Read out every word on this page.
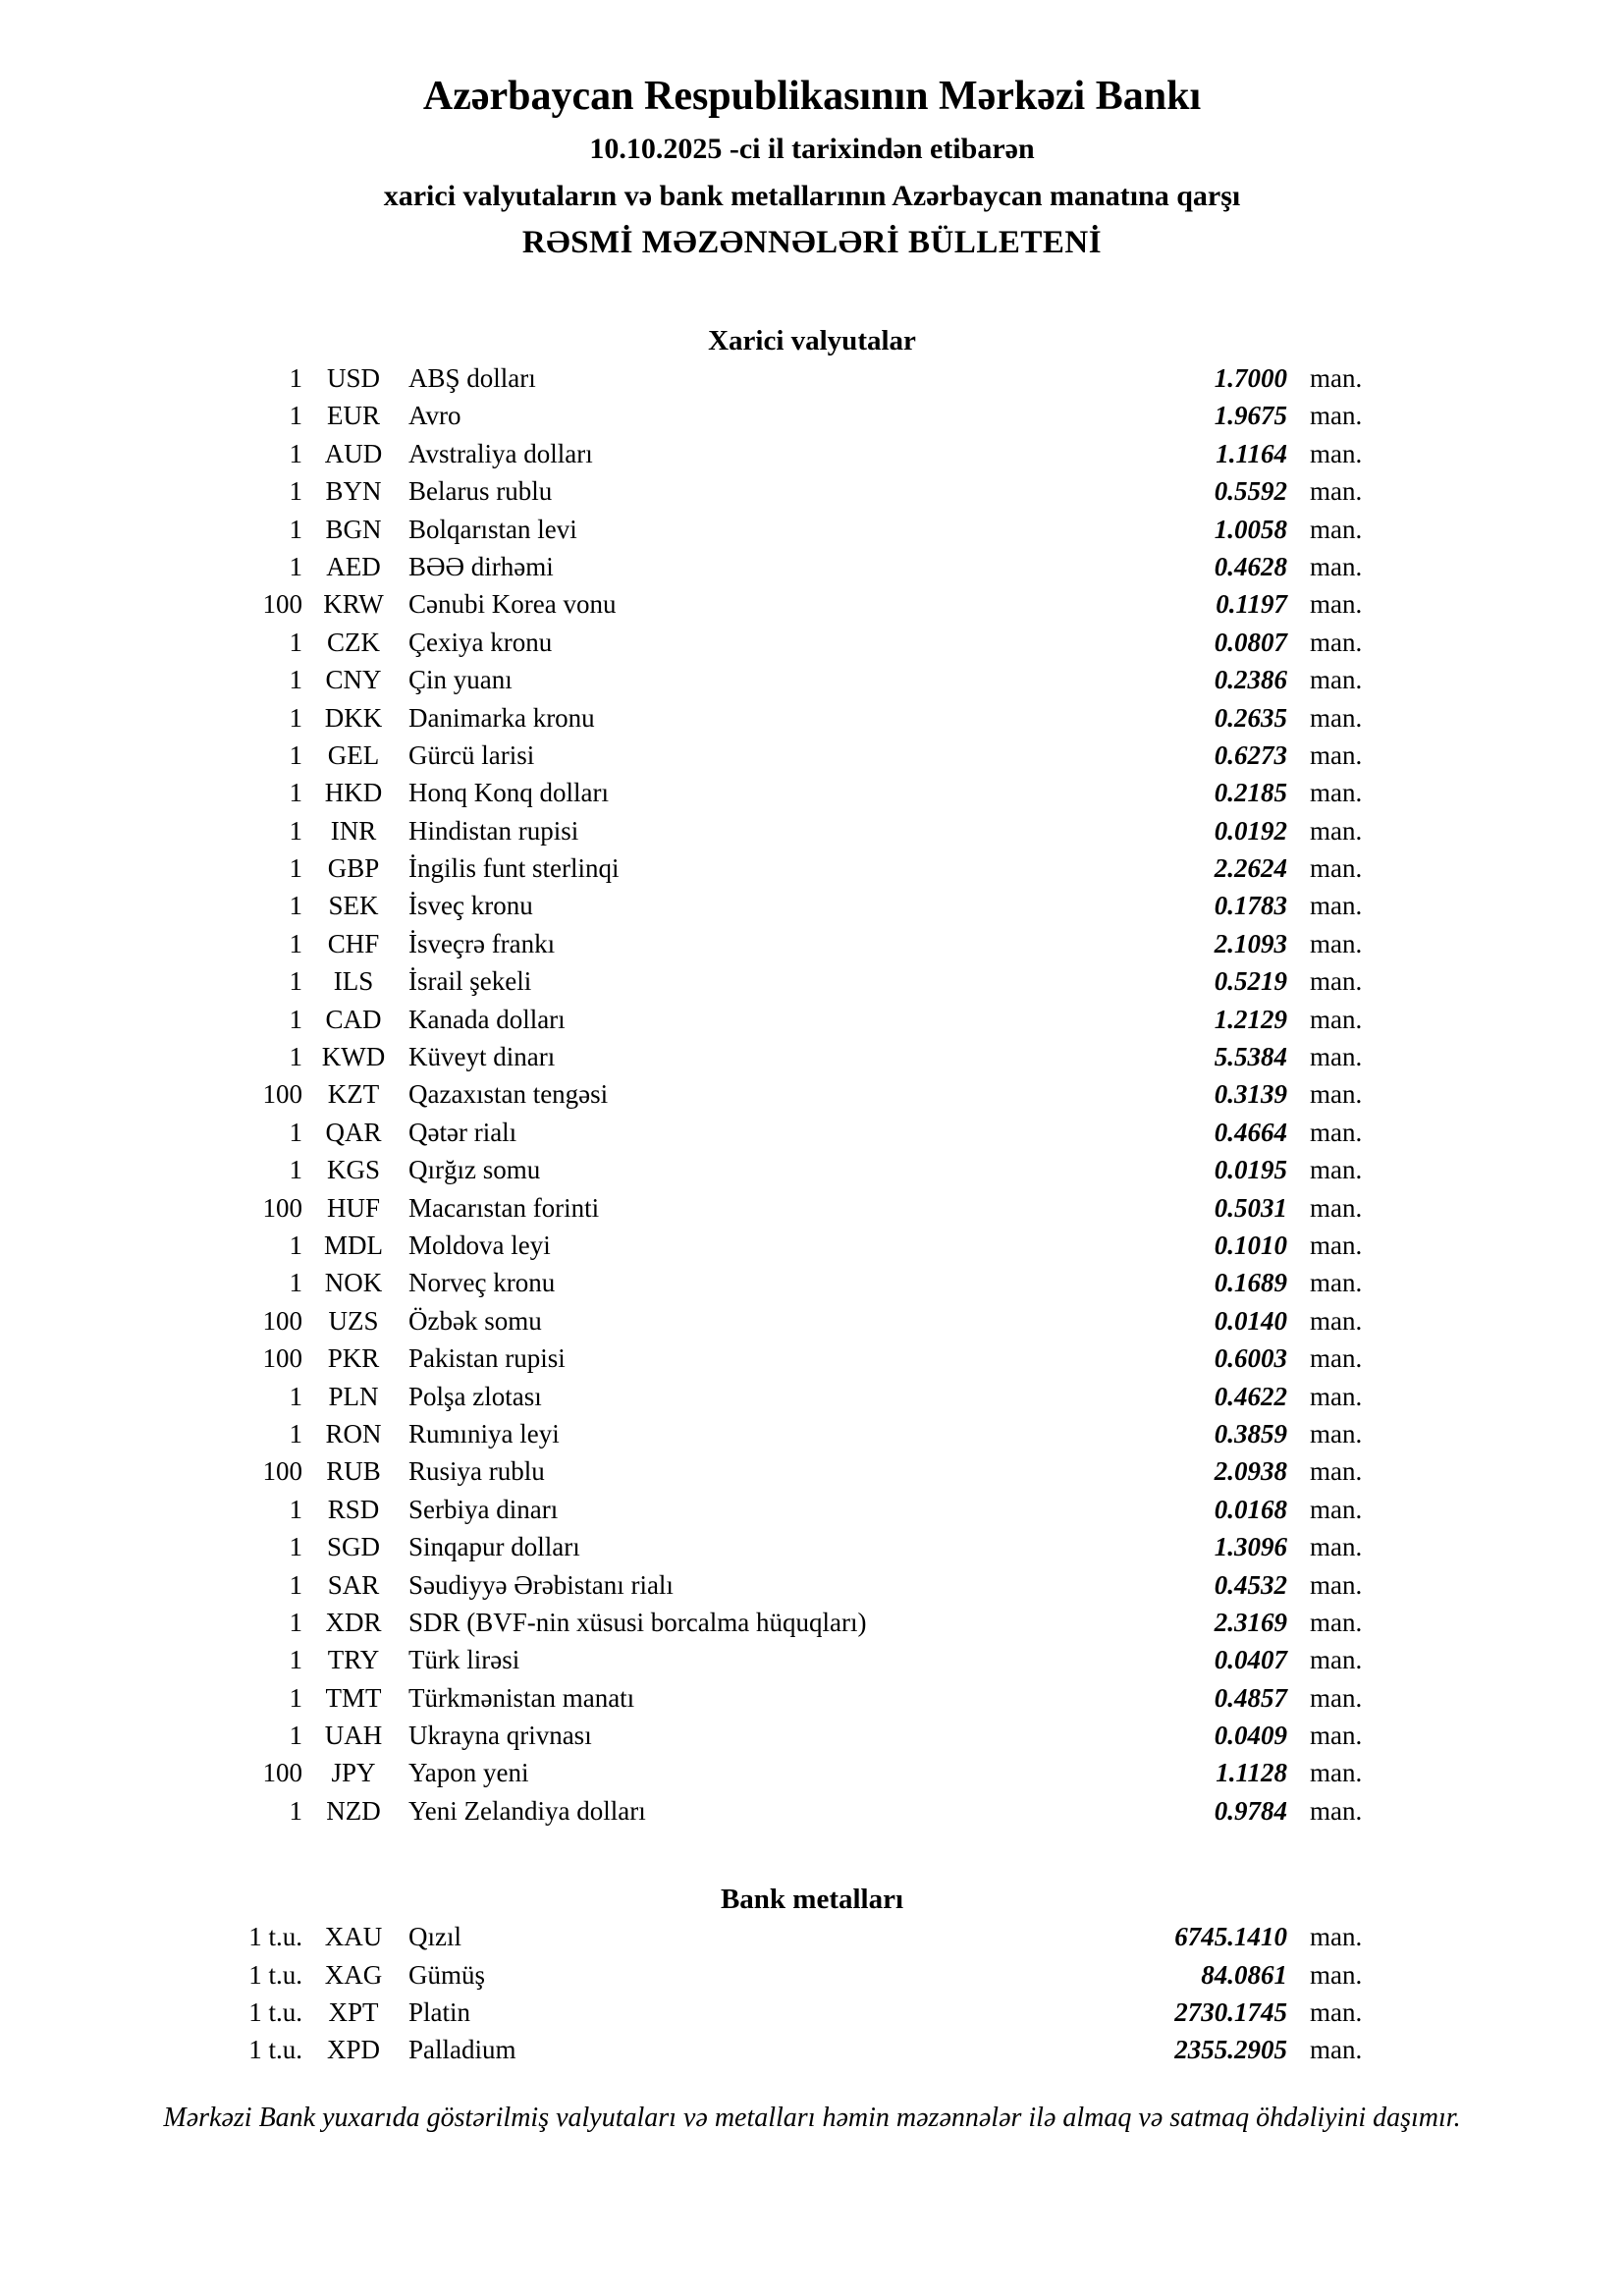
Azərbaycan Respublikasının Mərkəzi Bankı
10.10.2025 -ci il tarixindən etibarən
xarici valyutaların və bank metallarının Azərbaycan manatına qarşı
RƏSMİ MƏZƏNNƏLƏRİ BÜLLETENİ
Xarici valyutalar
1 USD	ABŞ dolları	1.7000 man.
1 EUR	Avro	1.9675 man.
1 AUD Avstraliya dolları	1.1164 man.
1 BYN	Belarus rublu	0.5592 man.
1 BGN	Bolqarıstan levi	1.0058 man.
1 AED	BƏƏ dirhəmi	0.4628 man.
100 KRW Cənubi Korea vonu	0.1197 man.
1 CZK	Çexiya kronu	0.0807 man.
1 CNY	Çin yuanı	0.2386 man.
1 DKK Danimarka kronu	0.2635 man.
1 GEL	Gürcü larisi	0.6273 man.
1 HKD Honq Konq dolları	0.2185 man.
1	INR	Hindistan rupisi	0.0192 man.
1 GBP	İngilis funt sterlinqi	2.2624 man.
1 SEK	İsveç kronu	0.1783 man.
1 CHF	İsveçrə frankı	2.1093 man.
1	ILS	İsrail şekeli	0.5219 man.
1 CAD	Kanada dolları	1.2129 man.
1 KWD Küveyt dinarı	5.5384 man.
100 KZT	Qazaxıstan tengəsi	0.3139 man.
1 QAR	Qətər rialı	0.4664 man.
1 KGS	Qırğız somu	0.0195 man.
100 HUF	Macarıstan forinti	0.5031 man.
1 MDL Moldova leyi	0.1010 man.
1 NOK Norveç kronu	0.1689 man.
100 UZS	Özbək somu	0.0140 man.
100 PKR	Pakistan rupisi	0.6003 man.
1 PLN	Polşa zlotası	0.4622 man.
1 RON	Rumıniya leyi	0.3859 man.
100 RUB	Rusiya rublu	2.0938 man.
1 RSD	Serbiya dinarı	0.0168 man.
1 SGD	Sinqapur dolları	1.3096 man.
1 SAR	Səudiyyə Ərəbistanı rialı	0.4532 man.
1 XDR	SDR (BVF-nin xüsusi borcalma hüquqları)	2.3169 man.
1 TRY	Türk lirəsi	0.0407 man.
1 TMT	Türkmənistan manatı	0.4857 man.
1 UAH Ukrayna qrivnası	0.0409 man.
100	JPY	Yapon yeni	1.1128 man.
1 NZD	Yeni Zelandiya dolları	0.9784 man.
Bank metalları
1 t.u. XAU Qızıl	6745.1410 man.
1 t.u. XAG Gümüş	84.0861 man.
1 t.u. XPT	Platin	2730.1745 man.
1 t.u. XPD	Palladium	2355.2905 man.
Mərkəzi Bank yuxarıda göstərilmiş valyutaları və metalları həmin məzənnələr ilə almaq və satmaq öhdəliyini daşımır.
